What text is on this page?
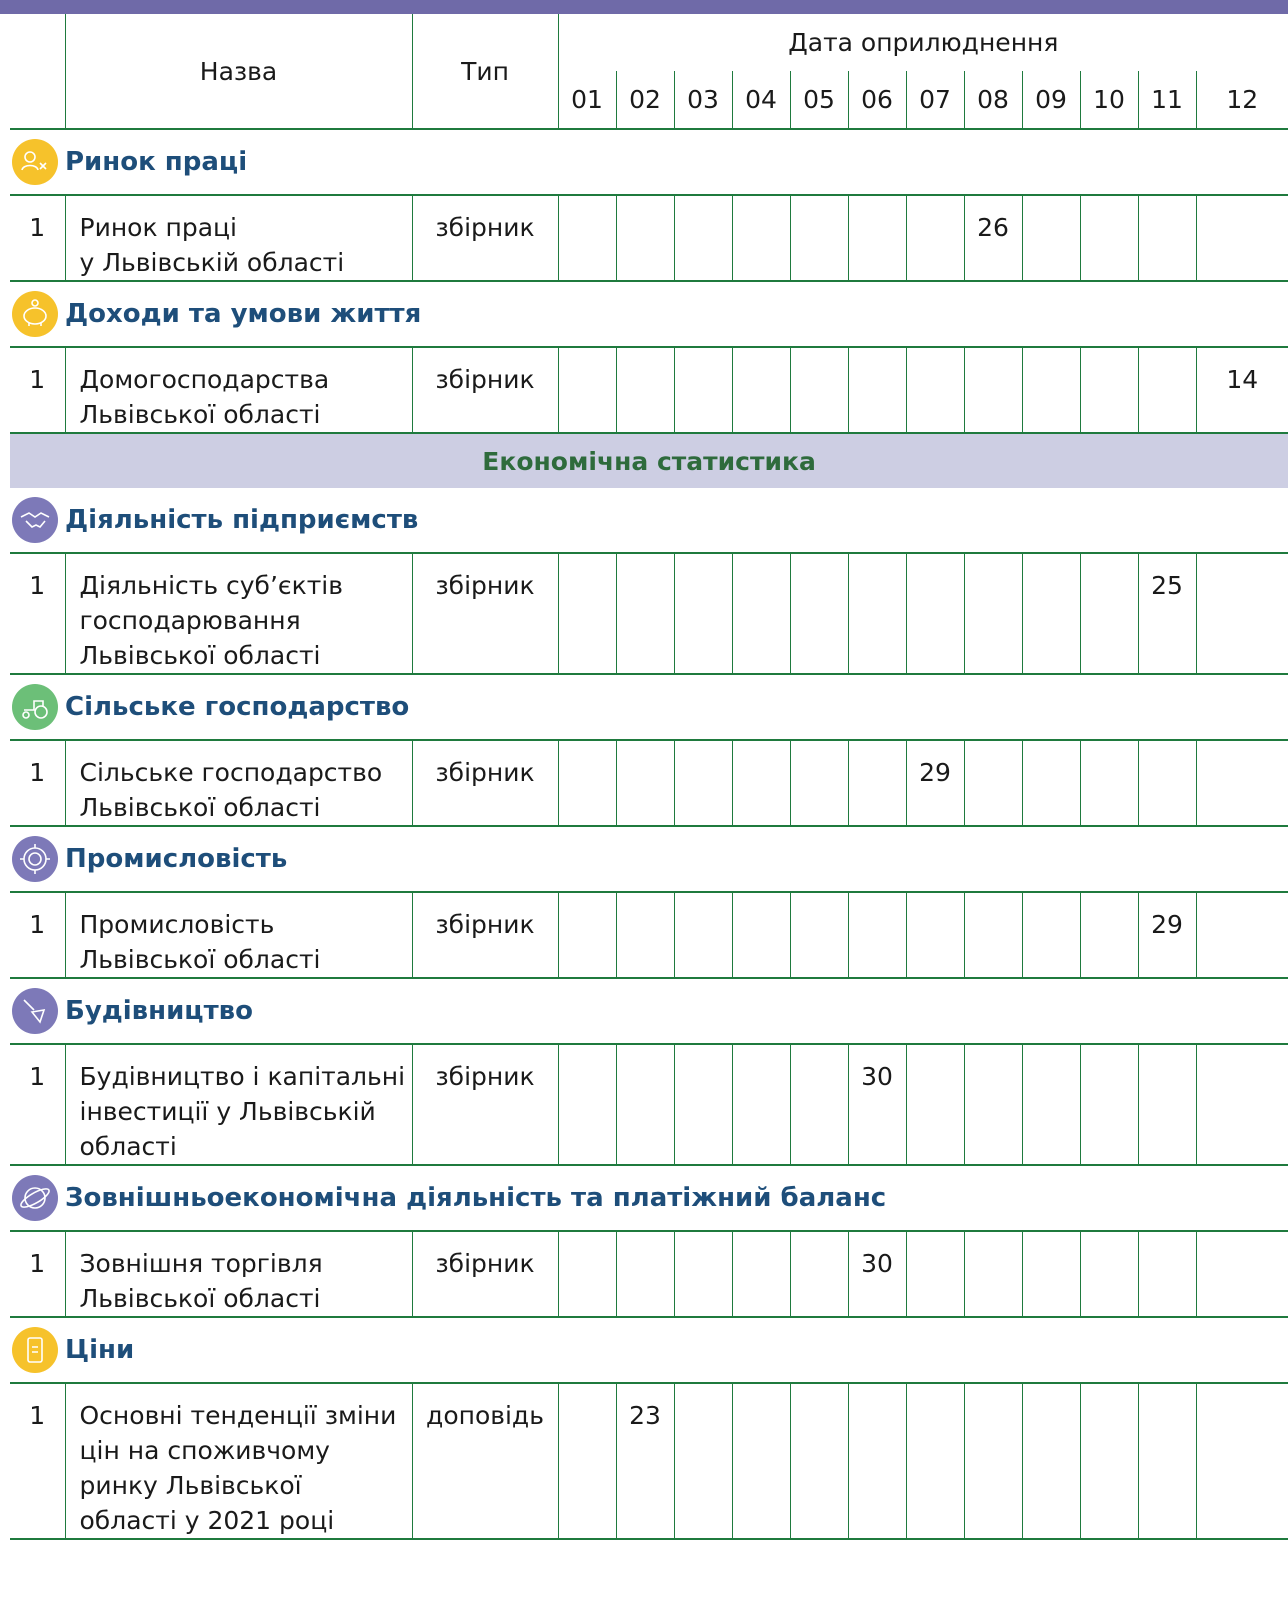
	Назва	Тип	Дата оприлюднення											
			01	02	03	04	05	06	07	08	09	10	11	12

	Ринок праці													
1	Ринок праці
у Львівській області	збірник								26				

	Доходи та умови життя													
1	Домогосподарства
Львівської області	збірник												14
Економічна статистика														

	Діяльність підприємств													
1	Діяльність суб’єктів
господарювання
Львівської області	збірник											25	

	Сільське господарство													
1	Сільське господарство
Львівської області	збірник							29					

	Промисловість													
1	Промисловість
Львівської області	збірник											29	

	Будівництво													
1	Будівництво і капітальні
інвестиції у Львівській
області	збірник						30						

	Зовнішньоекономічна діяльність та платіжний баланс													
1	Зовнішня торгівля
Львівської області	збірник						30						

	Ціни													
1	Основні тенденції зміни
цін на споживчому
ринку Львівської
області у 2021 році	доповідь		23										
